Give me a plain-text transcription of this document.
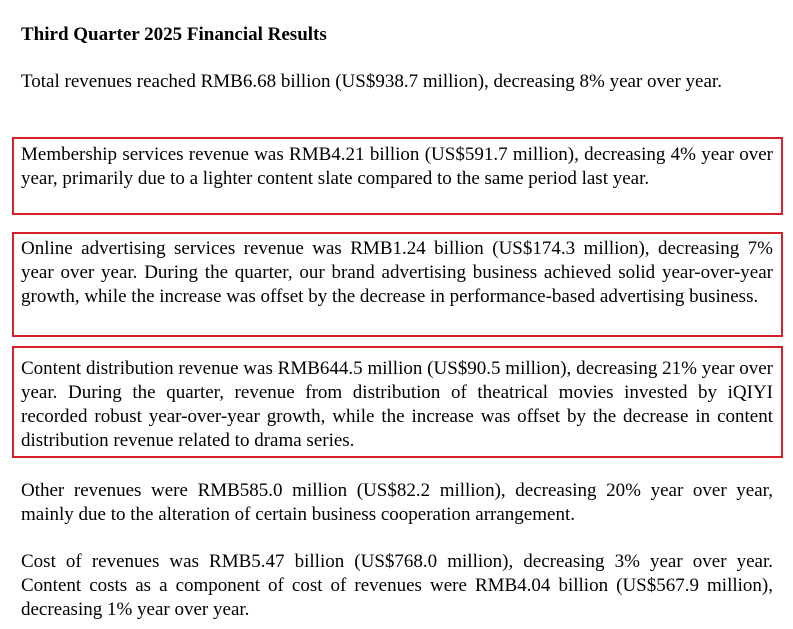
Third Quarter 2025 Financial Results

Total revenues reached RMB6.68 billion (US$938.7 million), decreasing 8% year over year.

Membership services revenue was RMB4.21 billion (US$591.7 million), decreasing 4% year over year, primarily due to a lighter content slate compared to the same period last year.

Online advertising services revenue was RMB1.24 billion (US$174.3 million), decreasing 7% year over year. During the quarter, our brand advertising business achieved solid year-over-year growth, while the increase was offset by the decrease in performance-based advertising business.

Content distribution revenue was RMB644.5 million (US$90.5 million), decreasing 21% year over year. During the quarter, revenue from distribution of theatrical movies invested by iQIYI recorded robust year-over-year growth, while the increase was offset by the decrease in content distribution revenue related to drama series.

Other revenues were RMB585.0 million (US$82.2 million), decreasing 20% year over year, mainly due to the alteration of certain business cooperation arrangement.

Cost of revenues was RMB5.47 billion (US$768.0 million), decreasing 3% year over year. Content costs as a component of cost of revenues were RMB4.04 billion (US$567.9 million), decreasing 1% year over year.
